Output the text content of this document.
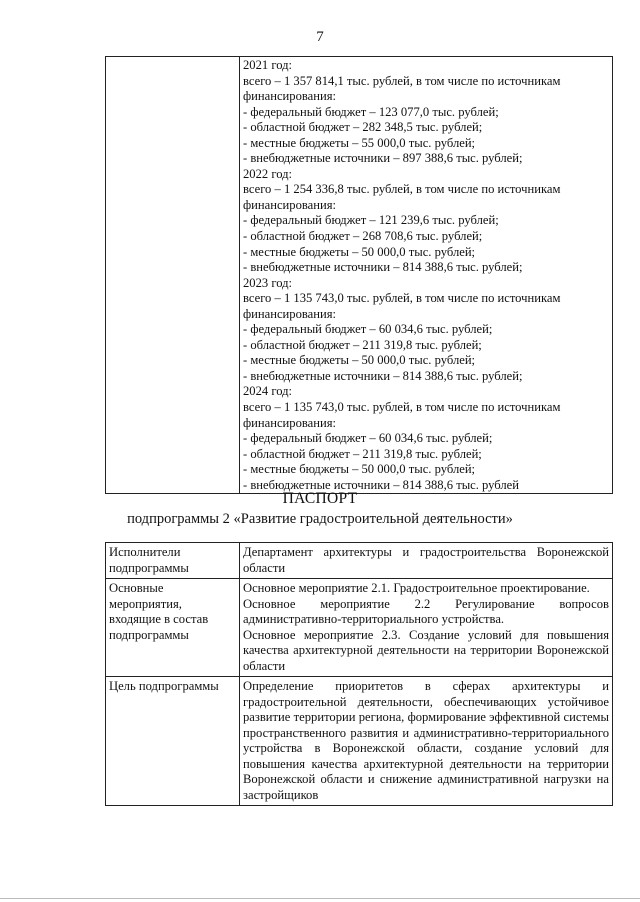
7

2021 год:
всего – 1 357 814,1 тыс. рублей, в том числе по источникам
финансирования:
- федеральный бюджет – 123 077,0 тыс. рублей;
- областной бюджет – 282 348,5 тыс. рублей;
- местные бюджеты – 55 000,0 тыс. рублей;
- внебюджетные источники – 897 388,6 тыс. рублей;
2022 год:
всего – 1 254 336,8 тыс. рублей, в том числе по источникам
финансирования:
- федеральный бюджет – 121 239,6 тыс. рублей;
- областной бюджет – 268 708,6 тыс. рублей;
- местные бюджеты – 50 000,0 тыс. рублей;
- внебюджетные источники – 814 388,6 тыс. рублей;
2023 год:
всего – 1 135 743,0 тыс. рублей, в том числе по источникам
финансирования:
- федеральный бюджет – 60 034,6 тыс. рублей;
- областной бюджет – 211 319,8 тыс. рублей;
- местные бюджеты – 50 000,0 тыс. рублей;
- внебюджетные источники – 814 388,6 тыс. рублей;
2024 год:
всего – 1 135 743,0 тыс. рублей, в том числе по источникам
финансирования:
- федеральный бюджет – 60 034,6 тыс. рублей;
- областной бюджет – 211 319,8 тыс. рублей;
- местные бюджеты – 50 000,0 тыс. рублей;
- внебюджетные источники – 814 388,6 тыс. рублей
ПАСПОРТ
подпрограммы 2 «Развитие градостроительной деятельности»
Исполнители подпрограммы	Департамент архитектуры и градостроительства Воронежской области
Основные мероприятия, входящие в состав подпрограммы	Основное мероприятие 2.1. Градостроительное проектирование.
Основное мероприятие 2.2 Регулирование вопросов административно-территориального устройства.
Основное мероприятие 2.3. Создание условий для повышения качества архитектурной деятельности на территории Воронежской области

Цель подпрограммы	Определение приоритетов в сферах архитектуры и градостроительной деятельности, обеспечивающих устойчивое развитие территории региона, формирование эффективной системы пространственного развития и административно-территориального устройства в Воронежской области, создание условий для повышения качества архитектурной деятельности на территории Воронежской области и снижение административной нагрузки на застройщиков
